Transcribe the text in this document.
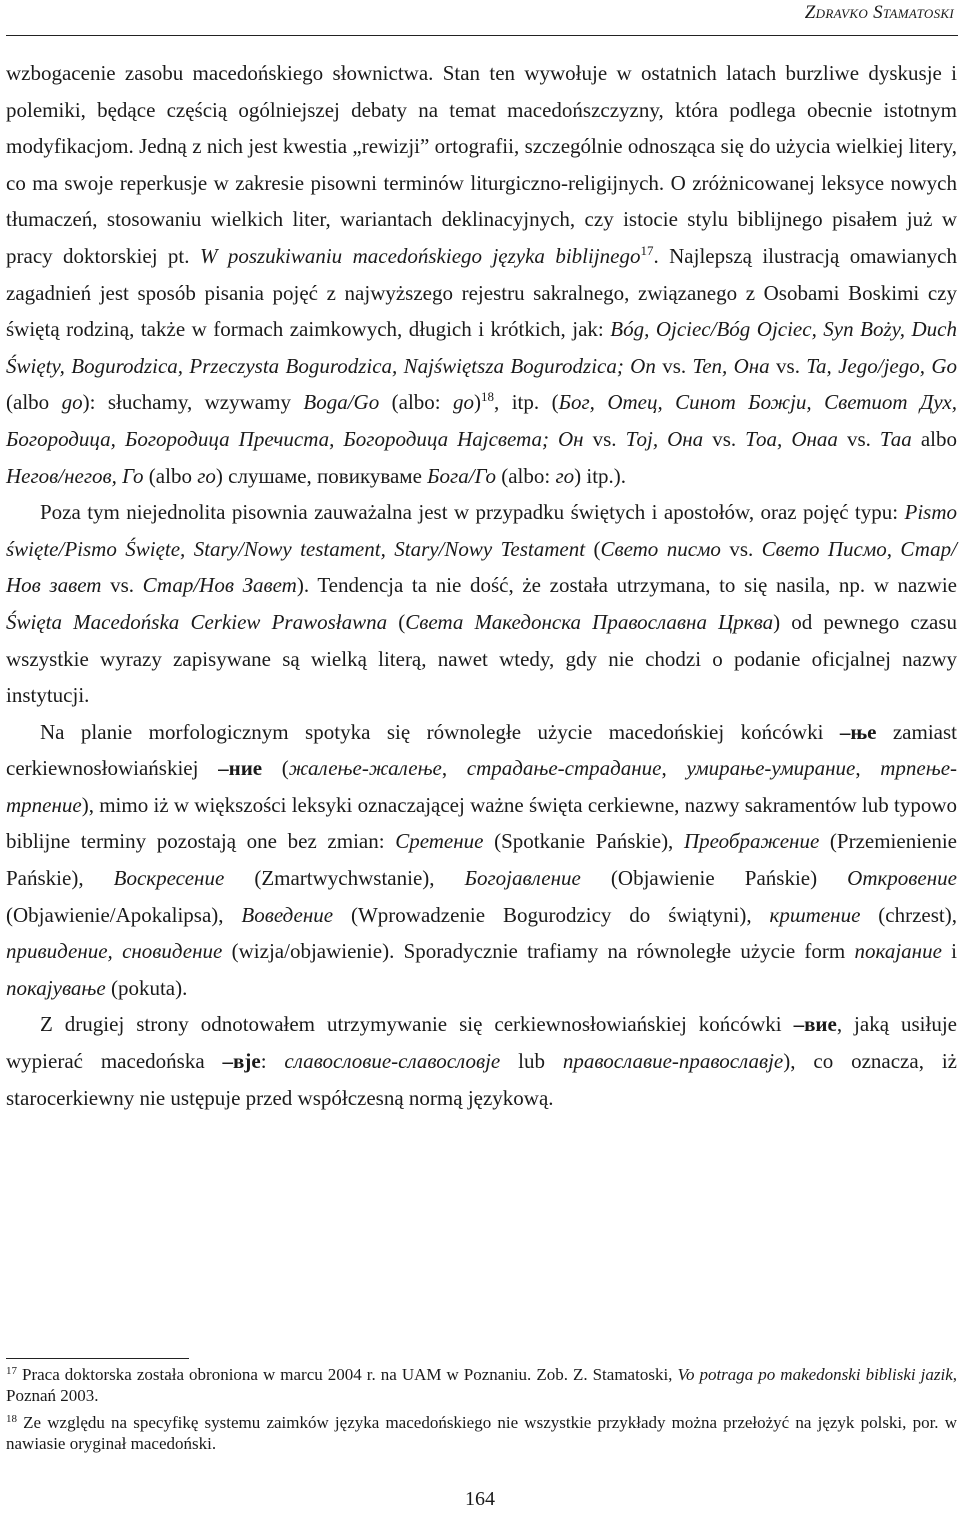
Zdravko Stamatoski

wzbogacenie zasobu macedońskiego słownictwa. Stan ten wywołuje w ostatnich latach burzliwe dyskusje i polemiki, będące częścią ogólniejszej debaty na temat macedońszczyzny, która podlega obecnie istotnym modyfikacjom. Jedną z nich jest kwestia „rewizji” ortografii, szczególnie odnosząca się do użycia wielkiej litery, co ma swoje reperkusje w zakresie pisowni terminów liturgiczno-religijnych. O zróżnicowanej leksyce nowych tłumaczeń, stosowaniu wielkich liter, wariantach deklinacyjnych, czy istocie stylu biblijnego pisałem już w pracy doktorskiej pt. W poszukiwaniu macedońskiego języka biblijnego$^{17}$. Najlepszą ilustracją omawianych zagadnień jest sposób pisania pojęć z najwyższego rejestru sakralnego, związanego z Osobami Boskimi czy świętą rodziną, także w formach zaimkowych, długich i krótkich, jak: Bóg, Ojciec/Bóg Ojciec, Syn Boży, Duch Święty, Bogurodzica, Przeczysta Bogurodzica, Najświętsza Bogurodzica; On vs. Ten, Она vs. Ta, Jego/jego, Go (albo go): słuchamy, wzywamy Boga/Go (albo: go)$^{18}$, itp. (Бог, Отец, Синот Божји, Светиот Дух, Богородица, Богородица Пречиста, Богородица Најсвета; Он vs. Тој, Она vs. Тоа, Онаа vs. Таа albo Негов/негов, Го (albo го) слушаме, повикуваме Бога/Го (albo: го) itp.).

Poza tym niejednolita pisownia zauważalna jest w przypadku świętych i apostołów, oraz pojęć typu: Pismo święte/Pismo Święte, Stary/Nowy testament, Stary/Nowy Testament (Свето писмо vs. Свето Писмо, Стар/Нов завет vs. Стар/Нов Завет). Tendencja ta nie dość, że została utrzymana, to się nasila, np. w nazwie Święta Macedońska Cerkiew Prawosławna (Света Македонска Православна Црква) od pewnego czasu wszystkie wyrazy zapisywane są wielką literą, nawet wtedy, gdy nie chodzi o podanie oficjalnej nazwy instytucji.

Na planie morfologicznym spotyka się równoległe użycie macedońskiej końcówki –ње zamiast cerkiewnosłowiańskiej –ние (жалење-жалење, страдање-страдание, умирање-умирание, трпење-трпение), mimo iż w większości leksyki oznaczającej ważne święta cerkiewne, nazwy sakramentów lub typowo biblijne terminy pozostają one bez zmian: Сретение (Spotkanie Pańskie), Преображение (Przemienienie Pańskie), Воскресение (Zmartwychwstanie), Богојавление (Objawienie Pańskie) Откровение (Objawienie/Apokalipsa), Воведение (Wprowadzenie Bogurodzicy do świątyni), крштение (chrzest), привидение, сновидение (wizja/objawienie). Sporadycznie trafiamy na równoległe użycie form покајание i покајување (pokuta).

Z drugiej strony odnotowałem utrzymywanie się cerkiewnosłowiańskiej końcówki –вие, jaką usiłuje wypierać macedońska –вје: славословие-славословје lub православие-православје), co oznacza, iż starocerkiewny nie ustępuje przed współczesną normą językową.

$^{17}$ Praca doktorska została obroniona w marcu 2004 r. na UAM w Poznaniu. Zob. Z. Stamatoski, Vo potraga po makedonski bibliski jazik, Poznań 2003.

$^{18}$ Ze względu na specyfikę systemu zaimków języka macedońskiego nie wszystkie przykłady można przełożyć na język polski, por. w nawiasie oryginał macedoński.

164
